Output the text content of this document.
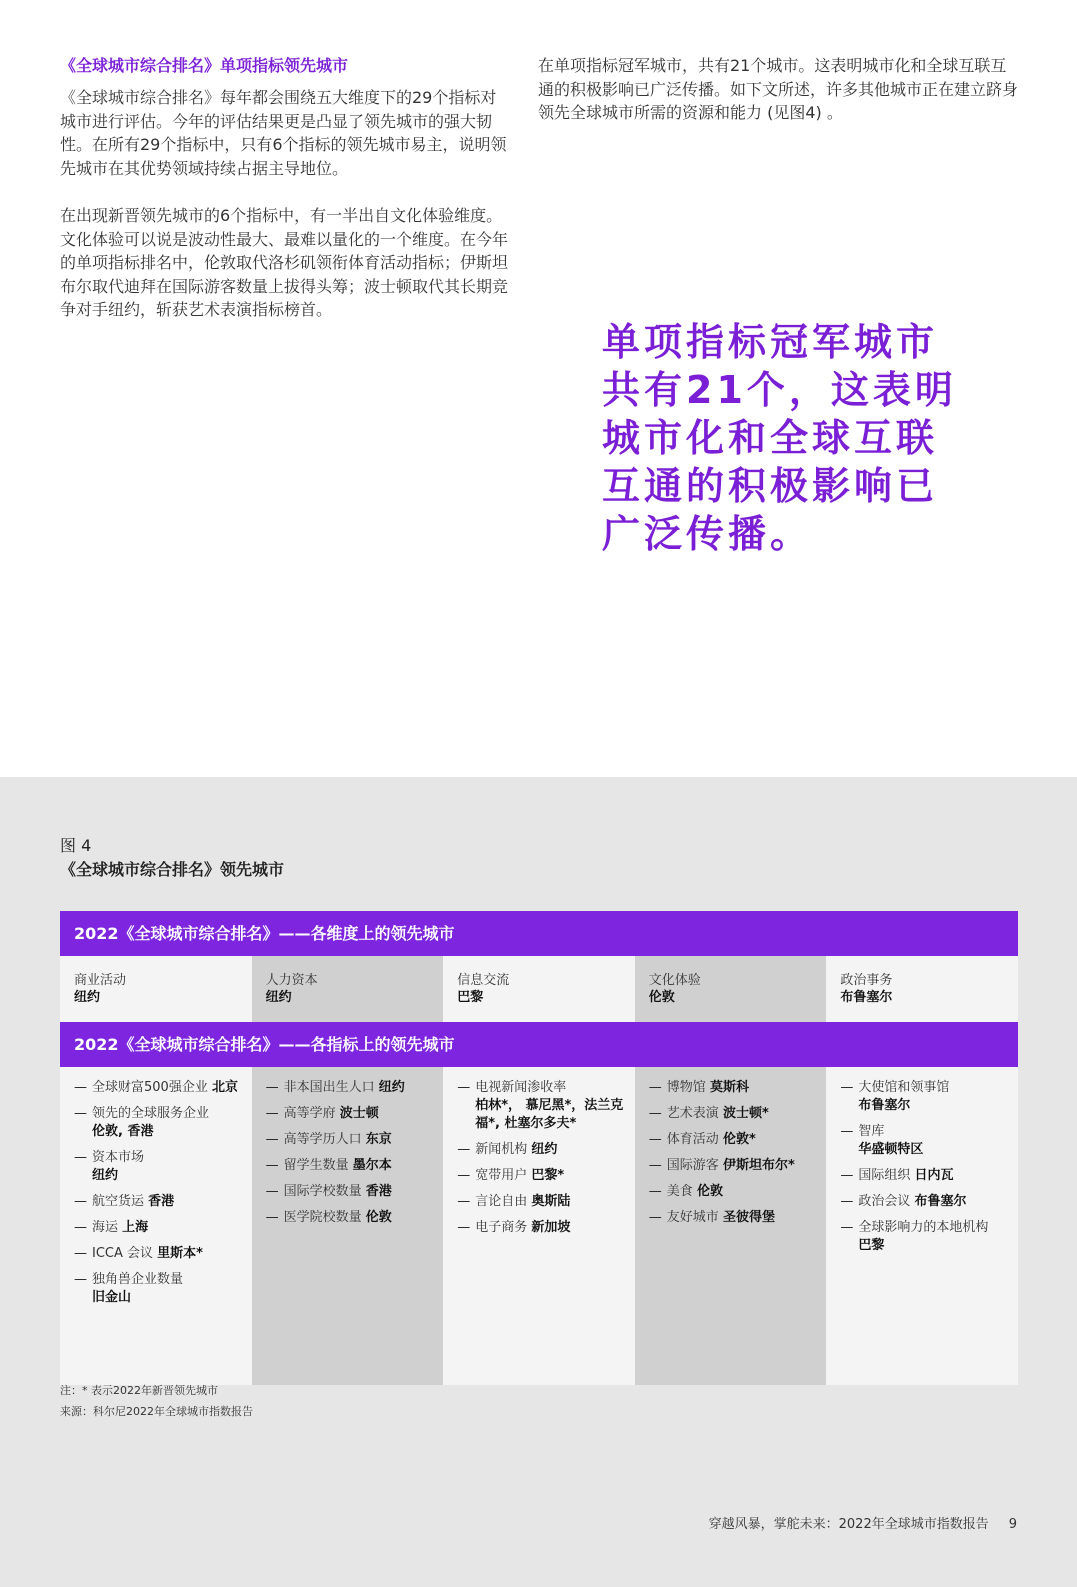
《全球城市综合排名》单项指标领先城市

《全球城市综合排名》每年都会围绕五大维度下的29个指标对城市进行评估。今年的评估结果更是凸显了领先城市的强大韧性。在所有29个指标中，只有6个指标的领先城市易主，说明领先城市在其优势领域持续占据主导地位。

在出现新晋领先城市的6个指标中，有一半出自文化体验维度。文化体验可以说是波动性最大、最难以量化的一个维度。在今年的单项指标排名中，伦敦取代洛杉矶领衔体育活动指标；伊斯坦布尔取代迪拜在国际游客数量上拔得头筹；波士顿取代其长期竞争对手纽约，斩获艺术表演指标榜首。

在单项指标冠军城市，共有21个城市。这表明城市化和全球互联互通的积极影响已广泛传播。如下文所述，许多其他城市正在建立跻身领先全球城市所需的资源和能力 (见图4) 。

单项指标冠军城市共有21个，这表明城市化和全球互联互通的积极影响已广泛传播。
图 4
《全球城市综合排名》领先城市
2022《全球城市综合排名》——各维度上的领先城市
商业活动
纽约
人力资本
纽约
信息交流
巴黎
文化体验
伦敦
政治事务
布鲁塞尔
2022《全球城市综合排名》——各指标上的领先城市
— 全球财富500强企业 北京
— 领先的全球服务企业
伦敦, 香港
— 资本市场
纽约
— 航空货运 香港
— 海运 上海
— ICCA 会议 里斯本*
— 独角兽企业数量
旧金山
— 非本国出生人口 纽约
— 高等学府 波士顿
— 高等学历人口 东京
— 留学生数量 墨尔本
— 国际学校数量 香港
— 医学院校数量 伦敦
— 电视新闻渗收率
柏林*， 慕尼黑*，法兰克福*, 杜塞尔多夫*
— 新闻机构 纽约
— 宽带用户 巴黎*
— 言论自由 奥斯陆
— 电子商务 新加坡
— 博物馆 莫斯科
— 艺术表演 波士顿*
— 体育活动 伦敦*
— 国际游客 伊斯坦布尔*
— 美食 伦敦
— 友好城市 圣彼得堡
— 大使馆和领事馆
布鲁塞尔
— 智库
华盛顿特区
— 国际组织 日内瓦
— 政治会议 布鲁塞尔
— 全球影响力的本地机构
巴黎
注：* 表示2022年新晋领先城市
来源：科尔尼2022年全球城市指数报告
穿越风暴，掌舵未来：2022年全球城市指数报告 9
